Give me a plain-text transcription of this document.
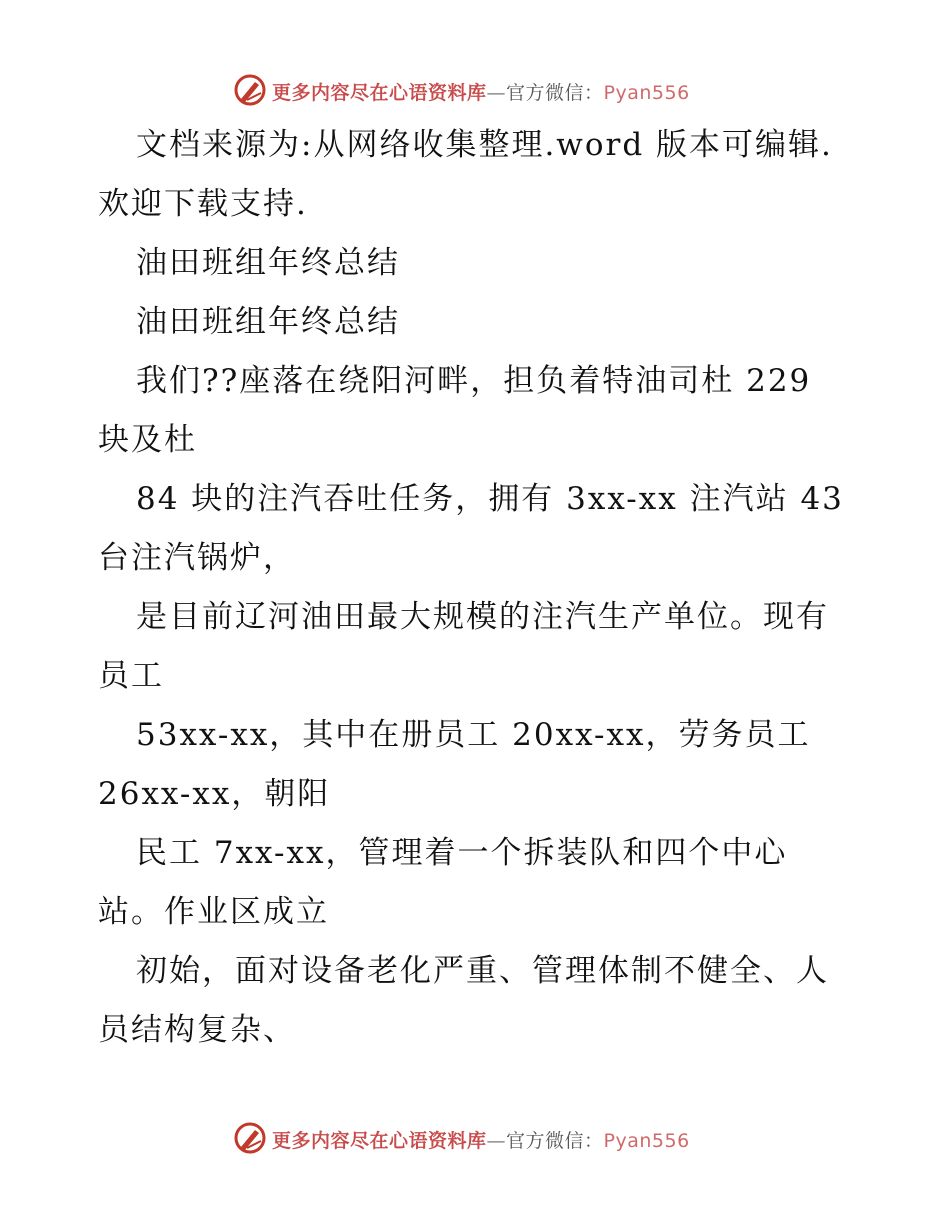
更多内容尽在心语资料库—官方微信：Pyan556
文档来源为:从网络收集整理.word 版本可编辑.
欢迎下载支持.
油田班组年终总结
油田班组年终总结
我们??座落在绕阳河畔，担负着特油司杜 229
块及杜
84 块的注汽吞吐任务，拥有 3xx-xx 注汽站 43
台注汽锅炉，
是目前辽河油田最大规模的注汽生产单位。现有
员工
53xx-xx，其中在册员工 20xx-xx，劳务员工
26xx-xx，朝阳
民工 7xx-xx，管理着一个拆装队和四个中心
站。作业区成立
初始，面对设备老化严重、管理体制不健全、人
员结构复杂、
更多内容尽在心语资料库—官方微信：Pyan556
